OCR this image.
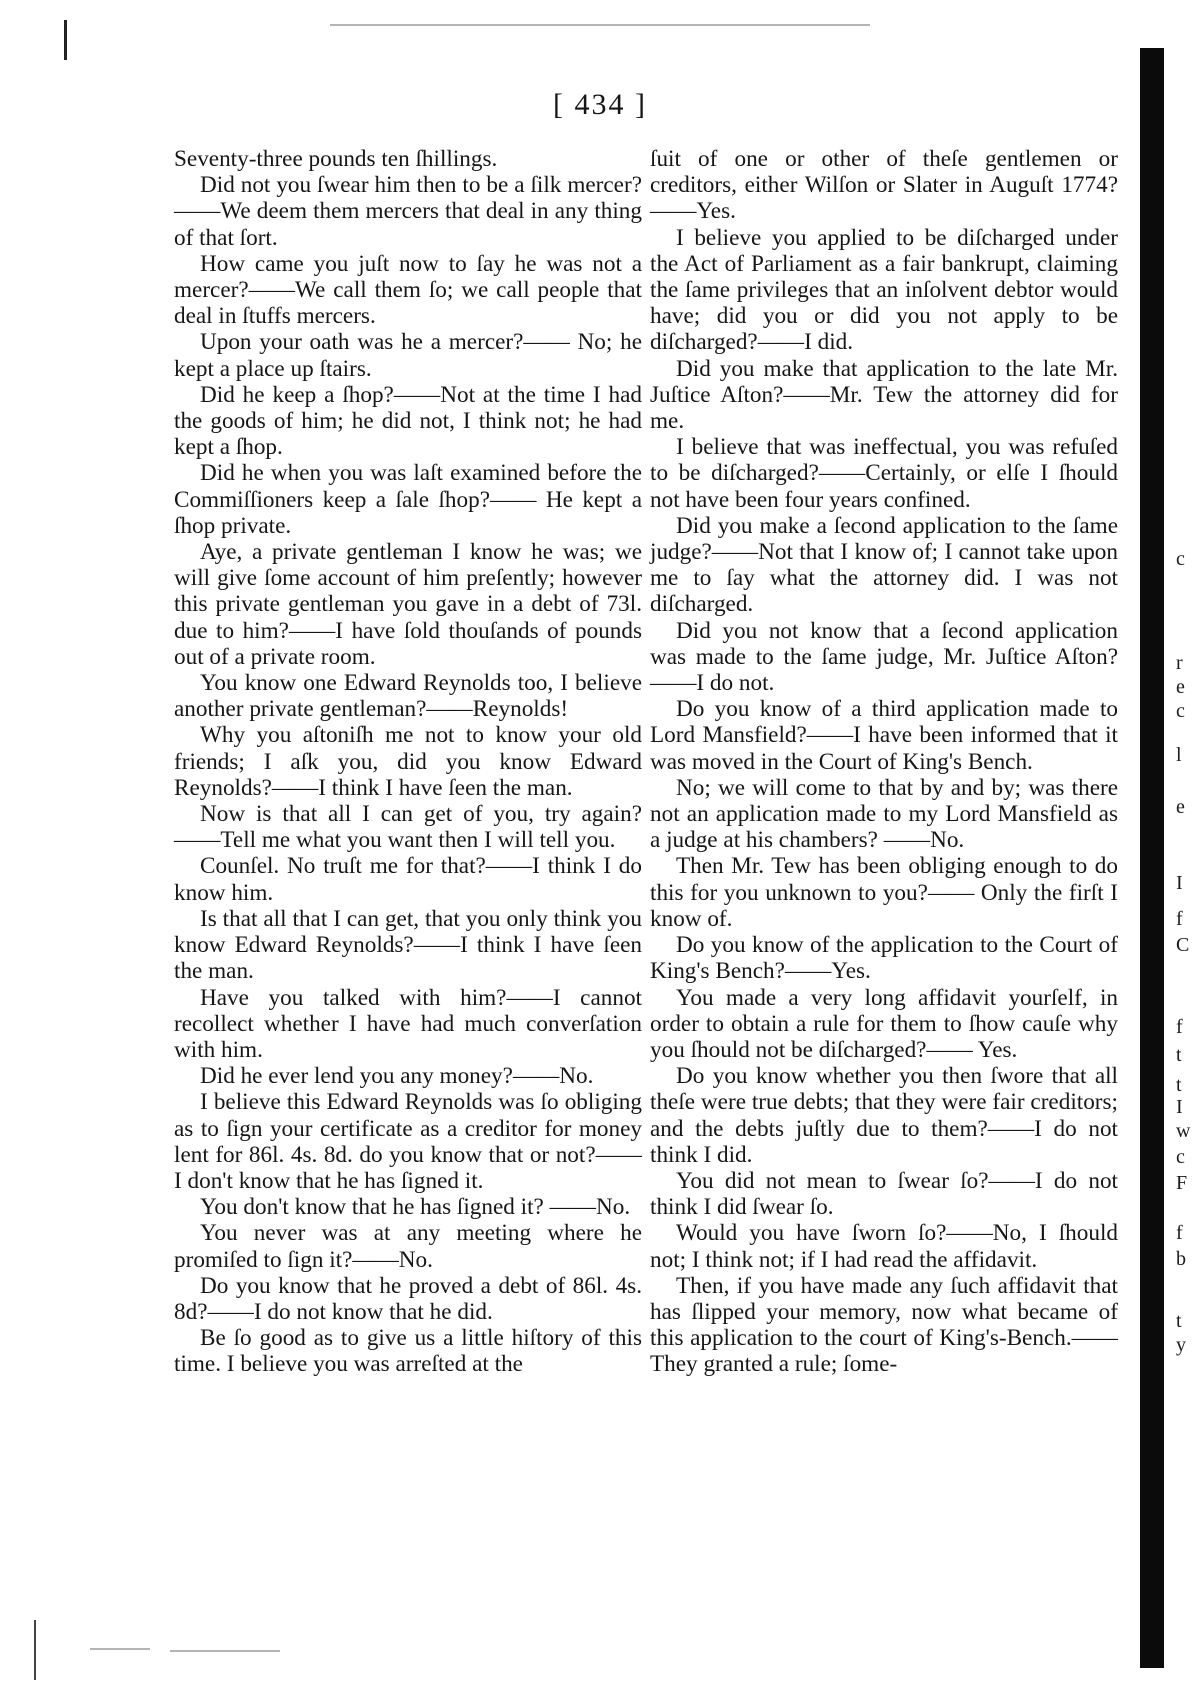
[ 434 ]

Seventy-three pounds ten ſhillings.

Did not you ſwear him then to be a ſilk mercer?——We deem them mercers that deal in any thing of that ſort.

How came you juſt now to ſay he was not a mercer?——We call them ſo; we call people that deal in ſtuffs mercers.

Upon your oath was he a mercer?—— No; he kept a place up ſtairs.

Did he keep a ſhop?——Not at the time I had the goods of him; he did not, I think not; he had kept a ſhop.

Did he when you was laſt examined before the Commiſſioners keep a ſale ſhop?—— He kept a ſhop private.

Aye, a private gentleman I know he was; we will give ſome account of him preſently; however this private gentleman you gave in a debt of 73l. due to him?——I have ſold thouſands of pounds out of a private room.

You know one Edward Reynolds too, I believe another private gentleman?——Reynolds!

Why you aſtoniſh me not to know your old friends; I aſk you, did you know Edward Reynolds?——I think I have ſeen the man.

Now is that all I can get of you, try again? ——Tell me what you want then I will tell you.

Counſel. No truſt me for that?——I think I do know him.

Is that all that I can get, that you only think you know Edward Reynolds?——I think I have ſeen the man.

Have you talked with him?——I cannot recollect whether I have had much converſation with him.

Did he ever lend you any money?——No.

I believe this Edward Reynolds was ſo obliging as to ſign your certificate as a creditor for money lent for 86l. 4s. 8d. do you know that or not?——I don't know that he has ſigned it.

You don't know that he has ſigned it? ——No.

You never was at any meeting where he promiſed to ſign it?——No.

Do you know that he proved a debt of 86l. 4s. 8d?——I do not know that he did.

Be ſo good as to give us a little hiſtory of this time. I believe you was arreſted at the

ſuit of one or other of theſe gentlemen or creditors, either Wilſon or Slater in Auguſt 1774?——Yes.

I believe you applied to be diſcharged under the Act of Parliament as a fair bankrupt, claiming the ſame privileges that an inſolvent debtor would have; did you or did you not apply to be diſcharged?——I did.

Did you make that application to the late Mr. Juſtice Aſton?——Mr. Tew the attorney did for me.

I believe that was ineffectual, you was refuſed to be diſcharged?——Certainly, or elſe I ſhould not have been four years confined.

Did you make a ſecond application to the ſame judge?——Not that I know of; I cannot take upon me to ſay what the attorney did. I was not diſcharged.

Did you not know that a ſecond application was made to the ſame judge, Mr. Juſtice Aſton?——I do not.

Do you know of a third application made to Lord Mansfield?——I have been informed that it was moved in the Court of King's Bench.

No; we will come to that by and by; was there not an application made to my Lord Mansfield as a judge at his chambers? ——No.

Then Mr. Tew has been obliging enough to do this for you unknown to you?—— Only the firſt I know of.

Do you know of the application to the Court of King's Bench?——Yes.

You made a very long affidavit yourſelf, in order to obtain a rule for them to ſhow cauſe why you ſhould not be diſcharged?—— Yes.

Do you know whether you then ſwore that all theſe were true debts; that they were fair creditors; and the debts juſtly due to them?——I do not think I did.

You did not mean to ſwear ſo?——I do not think I did ſwear ſo.

Would you have ſworn ſo?——No, I ſhould not; I think not; if I had read the affidavit.

Then, if you have made any ſuch affidavit that has ſlipped your memory, now what became of this application to the court of King's-Bench.——They granted a rule; ſome-

c
r
e
c
l
e
I
f
C
f
t
t
I
w
c
F
f
b
t
y
